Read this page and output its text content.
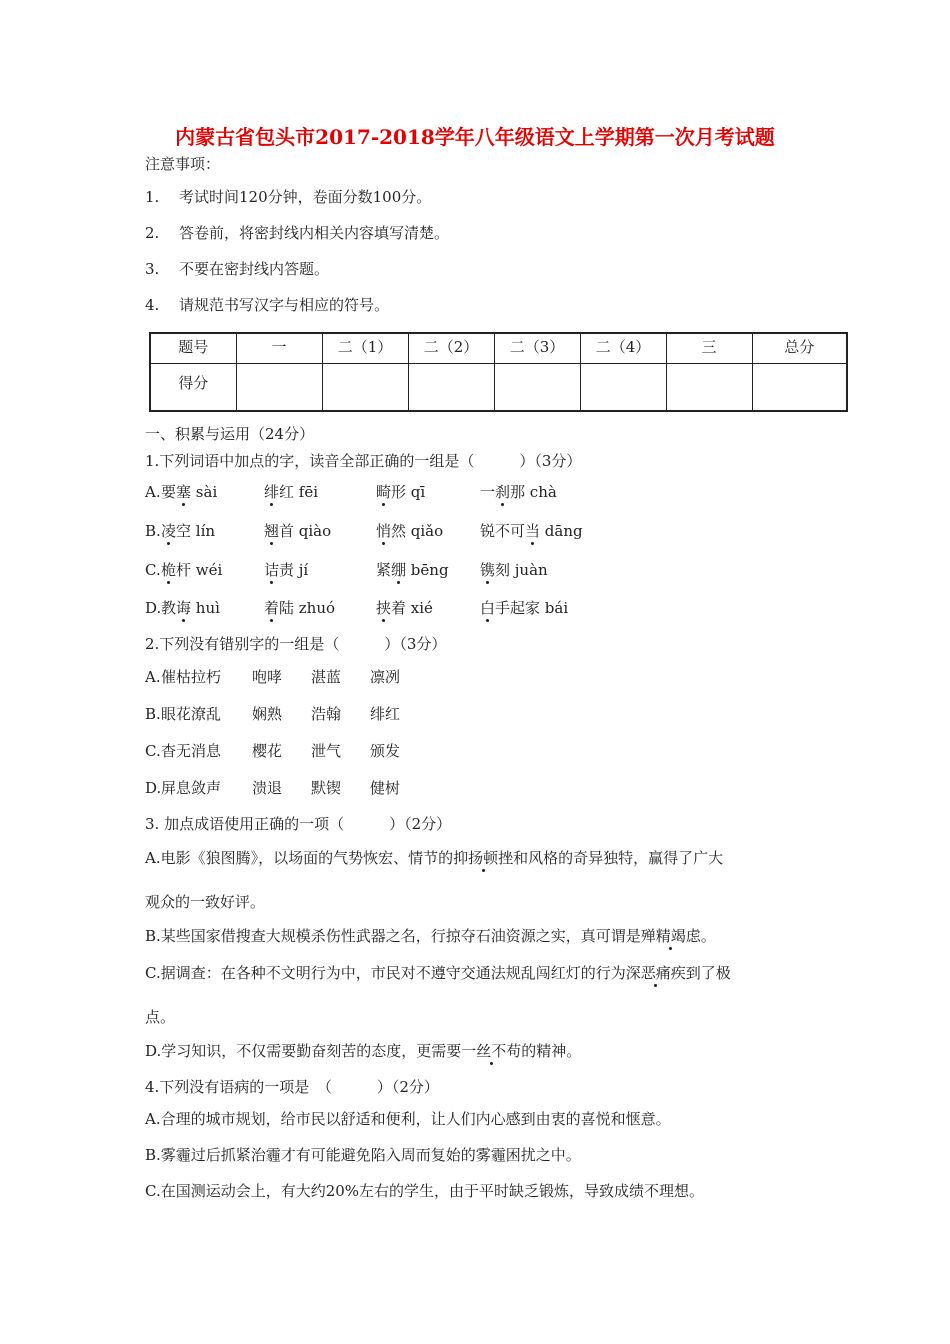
内蒙古省包头市2017-2018学年八年级语文上学期第一次月考试题
注意事项：
1. 考试时间120分钟，卷面分数100分。
2. 答卷前，将密封线内相关内容填写清楚。
3. 不要在密封线内答题。
4. 请规范书写汉字与相应的符号。
题号	一	二（1）	二（2）	二（3）	二（4）	三	总分
得分							
一、积累与运用（24分）
1.下列词语中加点的字，读音全部正确的一组是（　　　）（3分）
A. 要塞 sài	绯红 fēi	畸形 qī	一刹那 chà
B. 凌空 lín	翘首 qiào	悄然 qiǎo 锐不可当 dāng
C. 桅杆 wéi	诘责 jí	紧绷 bēng 镌刻 juàn
D. 教诲 huì	着陆 zhuó	挟着 xié	白手起家 bái
2.下列没有错别字的一组是（　　　）（3分）
A. 催枯拉朽 咆哮 湛蓝 凛冽
B. 眼花潦乱 娴熟 浩翰 绯红
C. 杳无消息 樱花 泄气 颁发
D. 屏息敛声 溃退 默锲 健树
3. 加点成语使用正确的一项（　　　）（2分）
A.电影《狼图腾》，以场面的气势恢宏、情节的抑扬顿挫和风格的奇异独特，赢得了广大
观众的一致好评。
B.某些国家借搜查大规模杀伤性武器之名，行掠夺石油资源之实，真可谓是殚精竭虑。
C.据调查：在各种不文明行为中，市民对不遵守交通法规乱闯红灯的行为深恶痛疾到了极
点。
D.学习知识，不仅需要勤奋刻苦的态度，更需要一丝不苟的精神。
4.下列没有语病的一项是　（　　　）（2分）
A.合理的城市规划，给市民以舒适和便利，让人们内心感到由衷的喜悦和惬意。
B.雾霾过后抓紧治霾才有可能避免陷入周而复始的雾霾困扰之中。
C.在国测运动会上，有大约20%左右的学生，由于平时缺乏锻炼，导致成绩不理想。
